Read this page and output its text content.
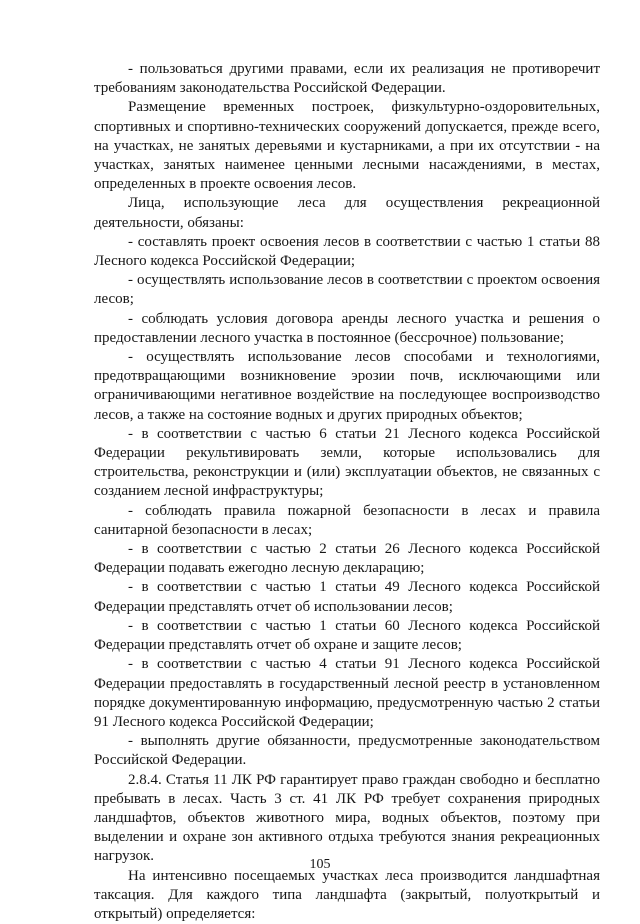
- пользоваться другими правами, если их реализация не противоречит требованиям законодательства Российской Федерации.

Размещение временных построек, физкультурно-оздоровительных, спортивных и спортивно-технических сооружений допускается, прежде всего, на участках, не занятых деревьями и кустарниками, а при их отсутствии - на участках, занятых наименее ценными лесными насаждениями, в местах, определенных в проекте освоения лесов.

Лица, использующие леса для осуществления рекреационной деятельности, обязаны:

- составлять проект освоения лесов в соответствии с частью 1 статьи 88 Лесного кодекса Российской Федерации;

- осуществлять использование лесов в соответствии с проектом освоения лесов;

- соблюдать условия договора аренды лесного участка и решения о предоставлении лесного участка в постоянное (бессрочное) пользование;

- осуществлять использование лесов способами и технологиями, предотвращающими возникновение эрозии почв, исключающими или ограничивающими негативное воздействие на последующее воспроизводство лесов, а также на состояние водных и других природных объектов;

- в соответствии с частью 6 статьи 21 Лесного кодекса Российской Федерации рекультивировать земли, которые использовались для строительства, реконструкции и (или) эксплуатации объектов, не связанных с созданием лесной инфраструктуры;

- соблюдать правила пожарной безопасности в лесах и правила санитарной безопасности в лесах;

- в соответствии с частью 2 статьи 26 Лесного кодекса Российской Федерации подавать ежегодно лесную декларацию;

- в соответствии с частью 1 статьи 49 Лесного кодекса Российской Федерации представлять отчет об использовании лесов;

- в соответствии с частью 1 статьи 60 Лесного кодекса Российской Федерации представлять отчет об охране и защите лесов;

- в соответствии с частью 4 статьи 91 Лесного кодекса Российской Федерации предоставлять в государственный лесной реестр в установленном порядке документированную информацию, предусмотренную частью 2 статьи 91 Лесного кодекса Российской Федерации;

- выполнять другие обязанности, предусмотренные законодательством Российской Федерации.

2.8.4. Статья 11 ЛК РФ гарантирует право граждан свободно и бесплатно пребывать в лесах. Часть 3 ст. 41 ЛК РФ требует сохранения природных ландшафтов, объектов животного мира, водных объектов, поэтому при выделении и охране зон активного отдыха требуются знания рекреационных нагрузок.

На интенсивно посещаемых участках леса производится ландшафтная таксация. Для каждого типа ландшафта (закрытый, полуоткрытый и открытый) определяется:

105
